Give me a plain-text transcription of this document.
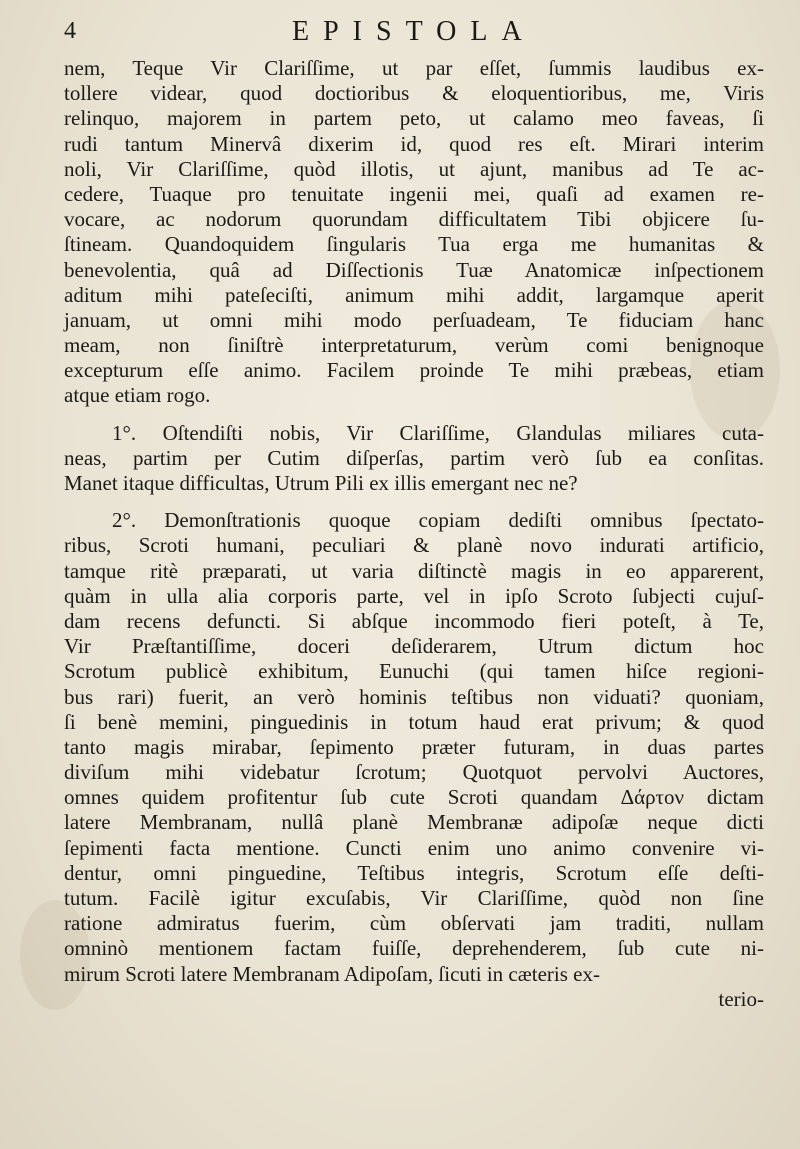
4	EPISTOLA
nem, Teque Vir Clariſſime, ut par eſſet, ſummis laudibus ex-
tollere videar, quod doctioribus & eloquentioribus, me, Viris
relinquo, majorem in partem peto, ut calamo meo faveas, ſi
rudi tantum Minervâ dixerim id, quod res eſt. Mirari interim
noli, Vir Clariſſime, quòd illotis, ut ajunt, manibus ad Te ac-
cedere, Tuaque pro tenuitate ingenii mei, quaſi ad examen re-
vocare, ac nodorum quorundam difficultatem Tibi objicere ſu-
ſtineam. Quandoquidem ſingularis Tua erga me humanitas &
benevolentia, quâ ad Diſſectionis Tuæ Anatomicæ inſpectionem
aditum mihi pateſeciſti, animum mihi addit, largamque aperit
januam, ut omni mihi modo perſuadeam, Te fiduciam hanc
meam, non ſiniſtrè interpretaturum, verùm comi benignoque
excepturum eſſe animo. Facilem proinde Te mihi præbeas, etiam
atque etiam rogo.
1°. Oſtendiſti nobis, Vir Clariſſime, Glandulas miliares cuta-
neas, partim per Cutim diſperſas, partim verò ſub ea conſitas.
Manet itaque difficultas, Utrum Pili ex illis emergant nec ne?
2°. Demonſtrationis quoque copiam dediſti omnibus ſpectato-
ribus, Scroti humani, peculiari & planè novo indurati artificio,
tamque ritè præparati, ut varia diſtinctè magis in eo apparerent,
quàm in ulla alia corporis parte, vel in ipſo Scroto ſubjecti cujuſ-
dam recens defuncti. Si abſque incommodo fieri poteſt, à Te,
Vir Præſtantiſſime, doceri deſiderarem, Utrum dictum hoc
Scrotum publicè exhibitum, Eunuchi (qui tamen hiſce regioni-
bus rari) fuerit, an verò hominis teſtibus non viduati? quoniam,
ſi benè memini, pinguedinis in totum haud erat privum; & quod
tanto magis mirabar, ſepimento præter futuram, in duas partes
diviſum mihi videbatur ſcrotum; Quotquot pervolvi Auctores,
omnes quidem profitentur ſub cute Scroti quandam Δάρτον dictam
latere Membranam, nullâ planè Membranæ adipoſæ neque dicti
ſepimenti facta mentione. Cuncti enim uno animo convenire vi-
dentur, omni pinguedine, Teſtibus integris, Scrotum eſſe deſti-
tutum. Facilè igitur excuſabis, Vir Clariſſime, quòd non ſine
ratione admiratus fuerim, cùm obſervati jam traditi, nullam
omninò mentionem factam fuiſſe, deprehenderem, ſub cute ni-
mirum Scroti latere Membranam Adipoſam, ſicuti in cæteris ex-
terio-
